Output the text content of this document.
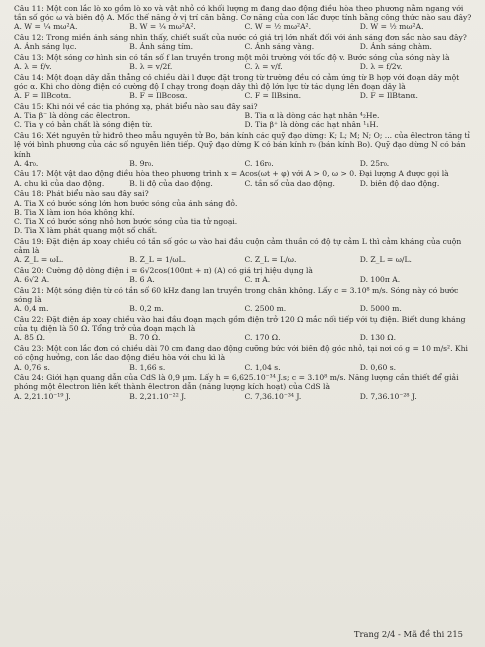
Câu 11: Một con lắc lò xo gồm lò xo và vật nhỏ có khối lượng m đang dao động điều hòa theo phương nằm ngang với tần số góc ω và biên độ A. Mốc thế năng ở vị trí cân bằng. Cơ năng của con lắc được tính bằng công thức nào sau đây?
A. W = ¼ mω²A.	B. W = ¼ mω²A².	C. W = ½ mω²A².	D. W = ½ mω²A.
Câu 12: Trong miền ánh sáng nhìn thấy, chiết suất của nước có giá trị lớn nhất đối với ánh sáng đơn sắc nào sau đây?
A. Ánh sáng lục.	B. Ánh sáng tím.	C. Ánh sáng vàng.	D. Ánh sáng chàm.
Câu 13: Một sóng cơ hình sin có tần số f lan truyền trong một môi trường với tốc độ v. Bước sóng của sóng này là
A. λ = f/v.	B. λ = v/2f.	C. λ = v/f.	D. λ = f/2v.
Câu 14: Một đoạn dây dẫn thẳng có chiều dài l được đặt trong từ trường đều có cảm ứng từ B hợp với đoạn dây một góc α. Khi cho dòng điện có cường độ I chạy trong đoạn dây thì độ lớn lực từ tác dụng lên đoạn dây là
A. F = IlBcotα.	B. F = IlBcosα.	C. F = IlBsinα.	D. F = IlBtanα.
Câu 15: Khi nói về các tia phóng xạ, phát biểu nào sau đây sai?
A. Tia β⁻ là dòng các êlectron.	B. Tia α là dòng các hạt nhân ⁴₂He.
C. Tia γ có bản chất là sóng điện từ.	D. Tia β⁺ là dòng các hạt nhân ¹₁H.
Câu 16: Xét nguyên tử hiđrô theo mẫu nguyên tử Bo, bán kính các quỹ đạo dừng: K; L; M; N; O; ... của êlectron tăng tỉ lệ với bình phương của các số nguyên liên tiếp. Quỹ đạo dừng K có bán kính r₀ (bán kính Bo). Quỹ đạo dừng N có bán kính
A. 4r₀.	B. 9r₀.	C. 16r₀.	D. 25r₀.
Câu 17: Một vật dao động điều hòa theo phương trình x = Acos(ωt + φ) với A > 0, ω > 0. Đại lượng A được gọi là
A. chu kì của dao động.	B. li độ của dao động.	C. tần số của dao động.	D. biên độ dao động.
Câu 18: Phát biểu nào sau đây sai?
A. Tia X có bước sóng lớn hơn bước sóng của ánh sáng đỏ.
B. Tia X làm ion hóa không khí.
C. Tia X có bước sóng nhỏ hơn bước sóng của tia tử ngoại.
D. Tia X làm phát quang một số chất.
Câu 19: Đặt điện áp xoay chiều có tần số góc ω vào hai đầu cuộn cảm thuần có độ tự cảm L thì cảm kháng của cuộn cảm là
A. Z_L = ωL.	B. Z_L = 1/ωL.	C. Z_L = L/ω.	D. Z_L = ω/L.
Câu 20: Cường độ dòng điện i = 6√2cos(100πt + π) (A) có giá trị hiệu dụng là
A. 6√2 A.	B. 6 A.	C. π A.	D. 100π A.
Câu 21: Một sóng điện từ có tần số 60 kHz đang lan truyền trong chân không. Lấy c = 3.10⁸ m/s. Sóng này có bước sóng là
A. 0,4 m.	B. 0,2 m.	C. 2500 m.	D. 5000 m.
Câu 22: Đặt điện áp xoay chiều vào hai đầu đoạn mạch gồm điện trở 120 Ω mắc nối tiếp với tụ điện. Biết dung kháng của tụ điện là 50 Ω. Tổng trở của đoạn mạch là
A. 85 Ω.	B. 70 Ω.	C. 170 Ω.	D. 130 Ω.
Câu 23: Một con lắc đơn có chiều dài 70 cm đang dao động cưỡng bức với biên độ góc nhỏ, tại nơi có g = 10 m/s². Khi có cộng hưởng, con lắc dao động điều hòa với chu kì là
A. 0,76 s.	B. 1,66 s.	C. 1,04 s.	D. 0,60 s.
Câu 24: Giới hạn quang dẫn của CdS là 0,9 μm. Lấy h = 6,625.10⁻³⁴ J.s; c = 3.10⁸ m/s. Năng lượng cần thiết để giải phóng một êlectron liên kết thành êlectron dẫn (năng lượng kích hoạt) của CdS là
A. 2,21.10⁻¹⁹ J.	B. 2,21.10⁻²² J.	C. 7,36.10⁻³⁴ J.	D. 7,36.10⁻²⁸ J.
Trang 2/4 - Mã đề thi 215
